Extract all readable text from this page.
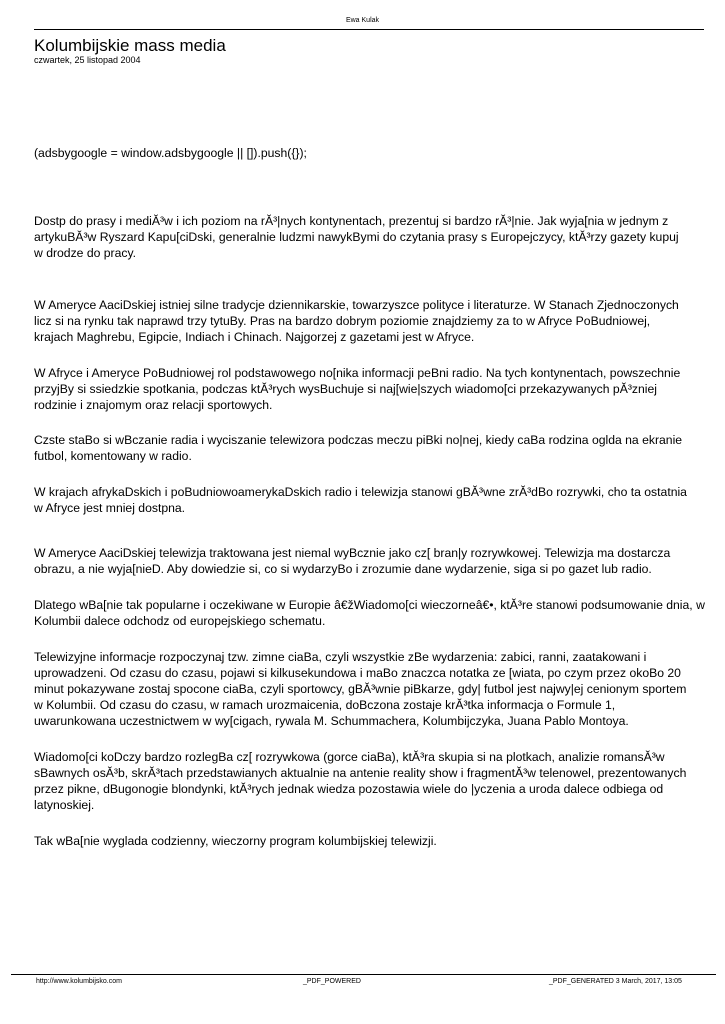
Ewa Kulak
Kolumbijskie mass media
czwartek, 25 listopad 2004
(adsbygoogle = window.adsbygoogle || []).push({});

Dostp do prasy i mediĂ³w i ich poziom na rĂ³|nych kontynentach, prezentuj si bardzo rĂ³|nie. Jak wyja[nia w jednym z
artykuBĂ³w Ryszard Kapu[ciDski, generalnie ludzmi nawykBymi do czytania prasy s Europejczycy, ktĂ³rzy gazety kupuj
w drodze do pracy.

W Ameryce AaciDskiej istniej silne tradycje dziennikarskie, towarzyszce polityce i literaturze. W Stanach Zjednoczonych
licz si na rynku tak naprawd trzy tytuBy. Pras na bardzo dobrym poziomie znajdziemy za to w Afryce PoBudniowej,
krajach Maghrebu, Egipcie, Indiach i Chinach. Najgorzej z gazetami jest w Afryce.

W Afryce i Ameryce PoBudniowej rol podstawowego no[nika informacji peBni radio. Na tych kontynentach, powszechnie
przyjBy si ssiedzkie spotkania, podczas ktĂ³rych wysBuchuje si naj[wie|szych wiadomo[ci przekazywanych pĂ³zniej
rodzinie i znajomym oraz relacji sportowych.

Czste staBo si wBczanie radia i wyciszanie telewizora podczas meczu piBki no|nej, kiedy caBa rodzina oglda na ekranie
futbol, komentowany w radio.

W krajach afrykaDskich i poBudniowoamerykaDskich radio i telewizja stanowi gBĂ³wne zrĂ³dBo rozrywki, cho ta ostatnia
w Afryce jest mniej dostpna.

W Ameryce AaciDskiej telewizja traktowana jest niemal wyBcznie jako cz[ bran|y rozrywkowej. Telewizja ma dostarcza
obrazu, a nie wyja[nieD. Aby dowiedzie si, co si wydarzyBo i zrozumie dane wydarzenie, siga si po gazet lub radio.

Dlatego wBa[nie tak popularne i oczekiwane w Europie â€žWiadomo[ci wieczorneâ€•, ktĂ³re stanowi podsumowanie dnia, w
Kolumbii dalece odchodz od europejskiego schematu.

Telewizyjne informacje rozpoczynaj tzw. zimne ciaBa, czyli wszystkie zBe wydarzenia: zabici, ranni, zaatakowani i
uprowadzeni. Od czasu do czasu, pojawi si kilkusekundowa i maBo znaczca notatka ze [wiata, po czym przez okoBo 20
minut pokazywane zostaj spocone ciaBa, czyli sportowcy, gBĂ³wnie piBkarze, gdy| futbol jest najwy|ej cenionym sportem
w Kolumbii. Od czasu do czasu, w ramach urozmaicenia, doBczona zostaje krĂ³tka informacja o Formule 1,
uwarunkowana uczestnictwem w wy[cigach, rywala M. Schummachera, Kolumbijczyka, Juana Pablo Montoya.

Wiadomo[ci koDczy bardzo rozlegBa cz[ rozrywkowa (gorce ciaBa), ktĂ³ra skupia si na plotkach, analizie romansĂ³w
sBawnych osĂ³b, skrĂ³tach przedstawianych aktualnie na antenie reality show i fragmentĂ³w telenowel, prezentowanych
przez pikne, dBugonogie blondynki, ktĂ³rych jednak wiedza pozostawia wiele do |yczenia a uroda dalece odbiega od
latynoskiej.

Tak wBa[nie wyglada codzienny, wieczorny program kolumbijskiej telewizji.

http://www.kolumbijsko.com	_PDF_POWERED	_PDF_GENERATED 3 March, 2017, 13:05
